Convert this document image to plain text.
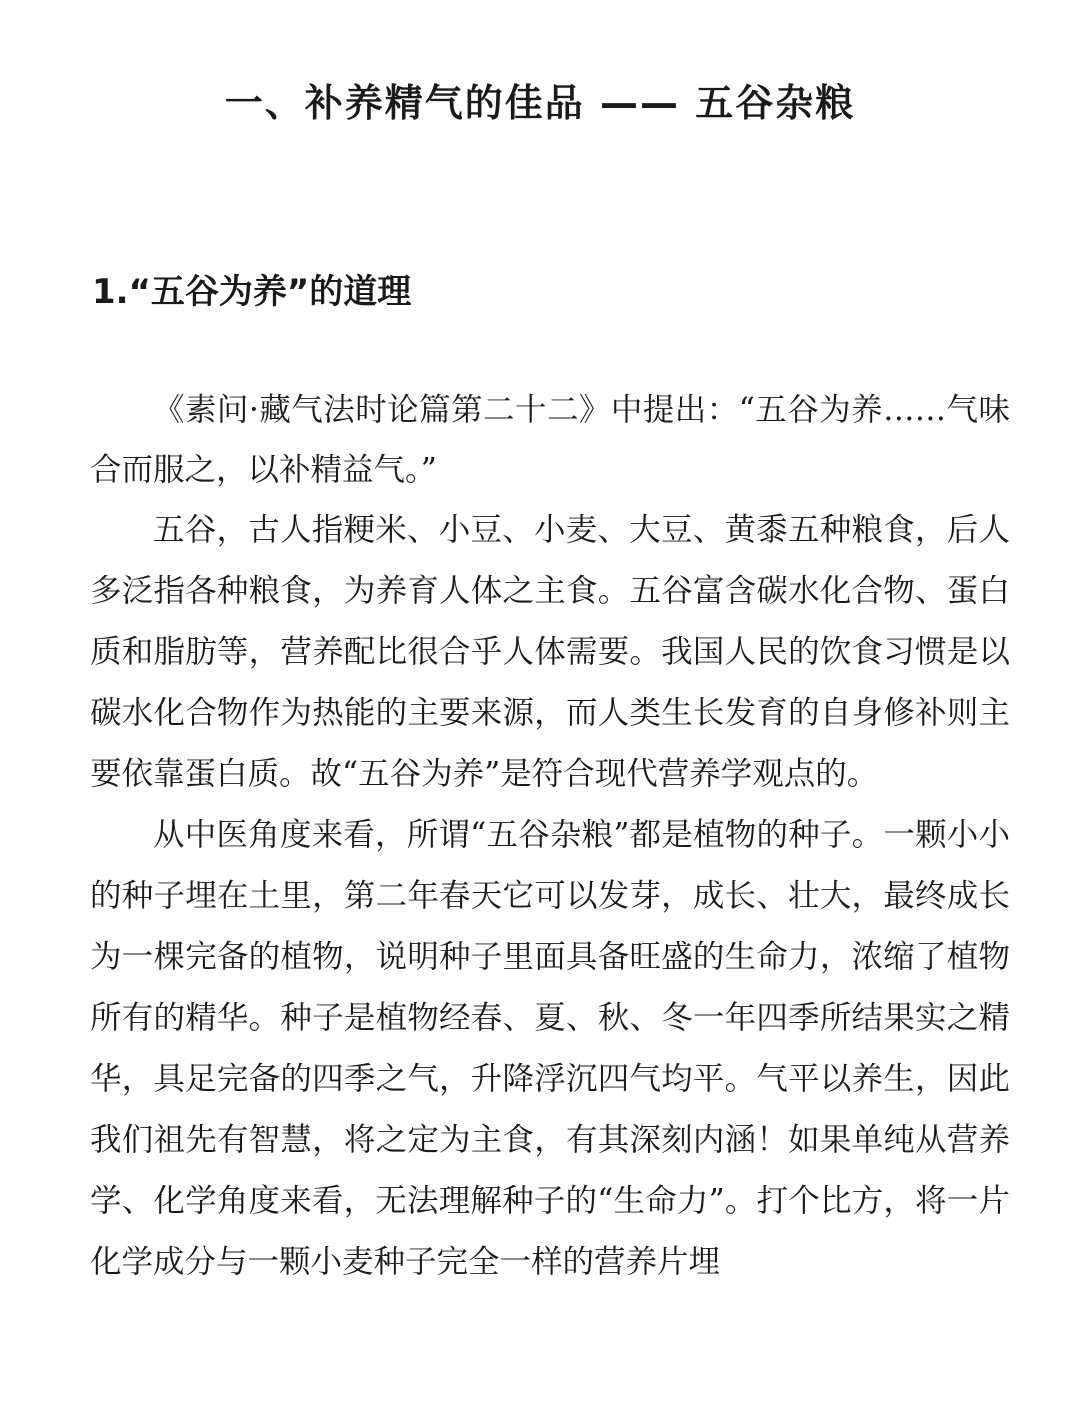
一、补养精气的佳品 —— 五谷杂粮
1.“五谷为养”的道理

《素问·藏气法时论篇第二十二》中提出：“五谷为养……气味合而服之，以补精益气。”

五谷，古人指粳米、小豆、小麦、大豆、黄黍五种粮食，后人多泛指各种粮食，为养育人体之主食。五谷富含碳水化合物、蛋白质和脂肪等，营养配比很合乎人体需要。我国人民的饮食习惯是以碳水化合物作为热能的主要来源，而人类生长发育的自身修补则主要依靠蛋白质。故“五谷为养”是符合现代营养学观点的。

从中医角度来看，所谓“五谷杂粮”都是植物的种子。一颗小小的种子埋在土里，第二年春天它可以发芽，成长、壮大，最终成长为一棵完备的植物，说明种子里面具备旺盛的生命力，浓缩了植物所有的精华。种子是植物经春、夏、秋、冬一年四季所结果实之精华，具足完备的四季之气，升降浮沉四气均平。气平以养生，因此我们祖先有智慧，将之定为主食，有其深刻内涵！如果单纯从营养学、化学角度来看，无法理解种子的“生命力”。打个比方，将一片化学成分与一颗小麦种子完全一样的营养片埋
